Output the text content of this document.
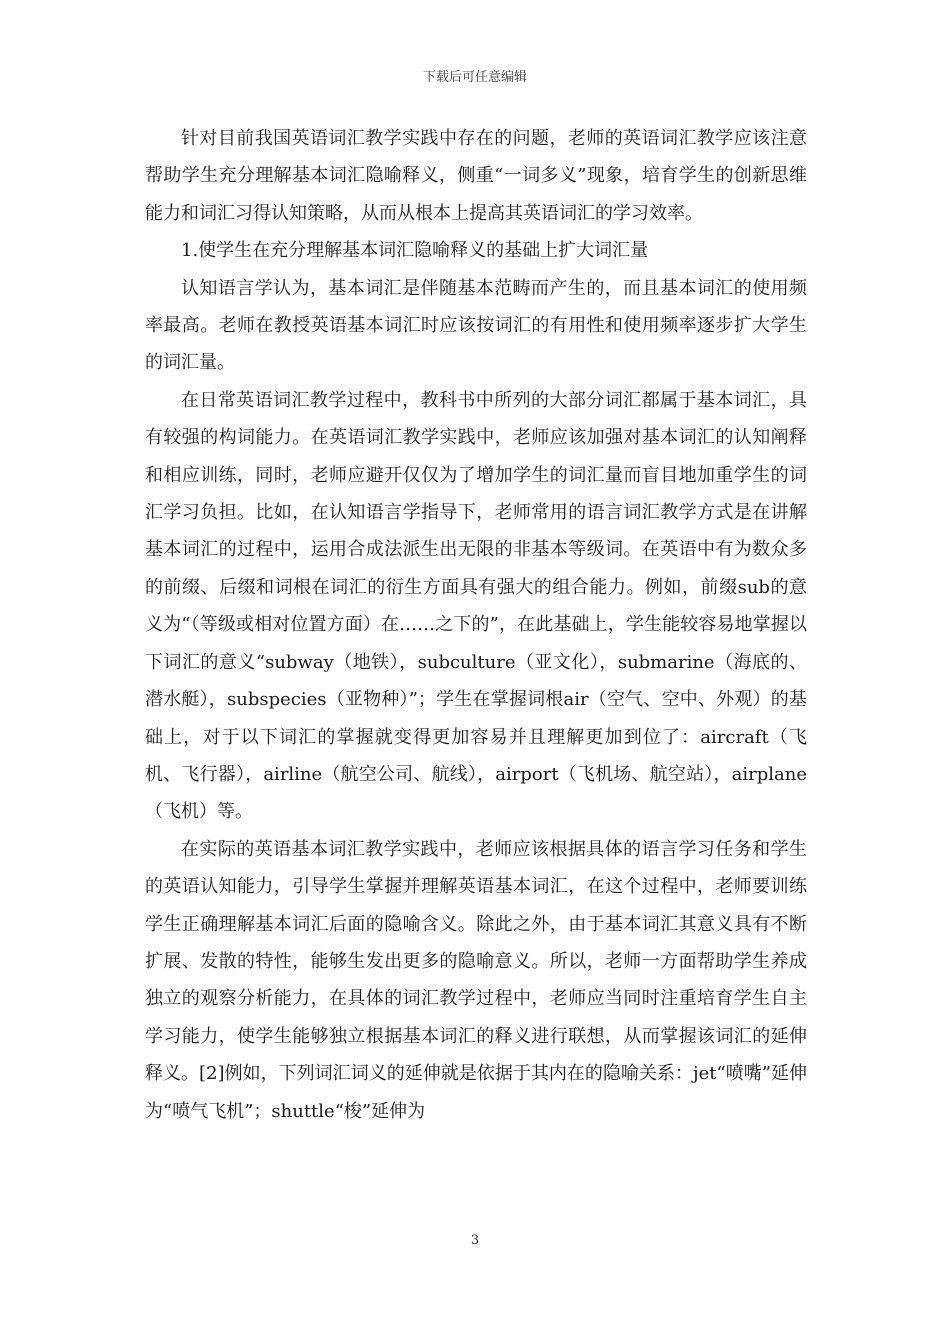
下载后可任意编辑

针对目前我国英语词汇教学实践中存在的问题，老师的英语词汇教学应该注意帮助学生充分理解基本词汇隐喻释义，侧重“一词多义”现象，培育学生的创新思维能力和词汇习得认知策略，从而从根本上提高其英语词汇的学习效率。

1.使学生在充分理解基本词汇隐喻释义的基础上扩大词汇量

认知语言学认为，基本词汇是伴随基本范畴而产生的，而且基本词汇的使用频率最高。老师在教授英语基本词汇时应该按词汇的有用性和使用频率逐步扩大学生的词汇量。

在日常英语词汇教学过程中，教科书中所列的大部分词汇都属于基本词汇，具有较强的构词能力。在英语词汇教学实践中，老师应该加强对基本词汇的认知阐释和相应训练，同时，老师应避开仅仅为了增加学生的词汇量而盲目地加重学生的词汇学习负担。比如，在认知语言学指导下，老师常用的语言词汇教学方式是在讲解基本词汇的过程中，运用合成法派生出无限的非基本等级词。在英语中有为数众多的前缀、后缀和词根在词汇的衍生方面具有强大的组合能力。例如，前缀sub的意义为“（等级或相对位置方面）在……之下的”，在此基础上，学生能较容易地掌握以下词汇的意义“subway（地铁），subculture（亚文化），submarine（海底的、潜水艇），subspecies（亚物种）”；学生在掌握词根air（空气、空中、外观）的基础上，对于以下词汇的掌握就变得更加容易并且理解更加到位了：aircraft（飞机、飞行器），airline（航空公司、航线），airport（飞机场、航空站），airplane（飞机）等。

在实际的英语基本词汇教学实践中，老师应该根据具体的语言学习任务和学生的英语认知能力，引导学生掌握并理解英语基本词汇，在这个过程中，老师要训练学生正确理解基本词汇后面的隐喻含义。除此之外，由于基本词汇其意义具有不断扩展、发散的特性，能够生发出更多的隐喻意义。所以，老师一方面帮助学生养成独立的观察分析能力，在具体的词汇教学过程中，老师应当同时注重培育学生自主学习能力，使学生能够独立根据基本词汇的释义进行联想，从而掌握该词汇的延伸释义。[2]例如，下列词汇词义的延伸就是依据于其内在的隐喻关系：jet“喷嘴”延伸为“喷气飞机”；shuttle“梭”延伸为

3
